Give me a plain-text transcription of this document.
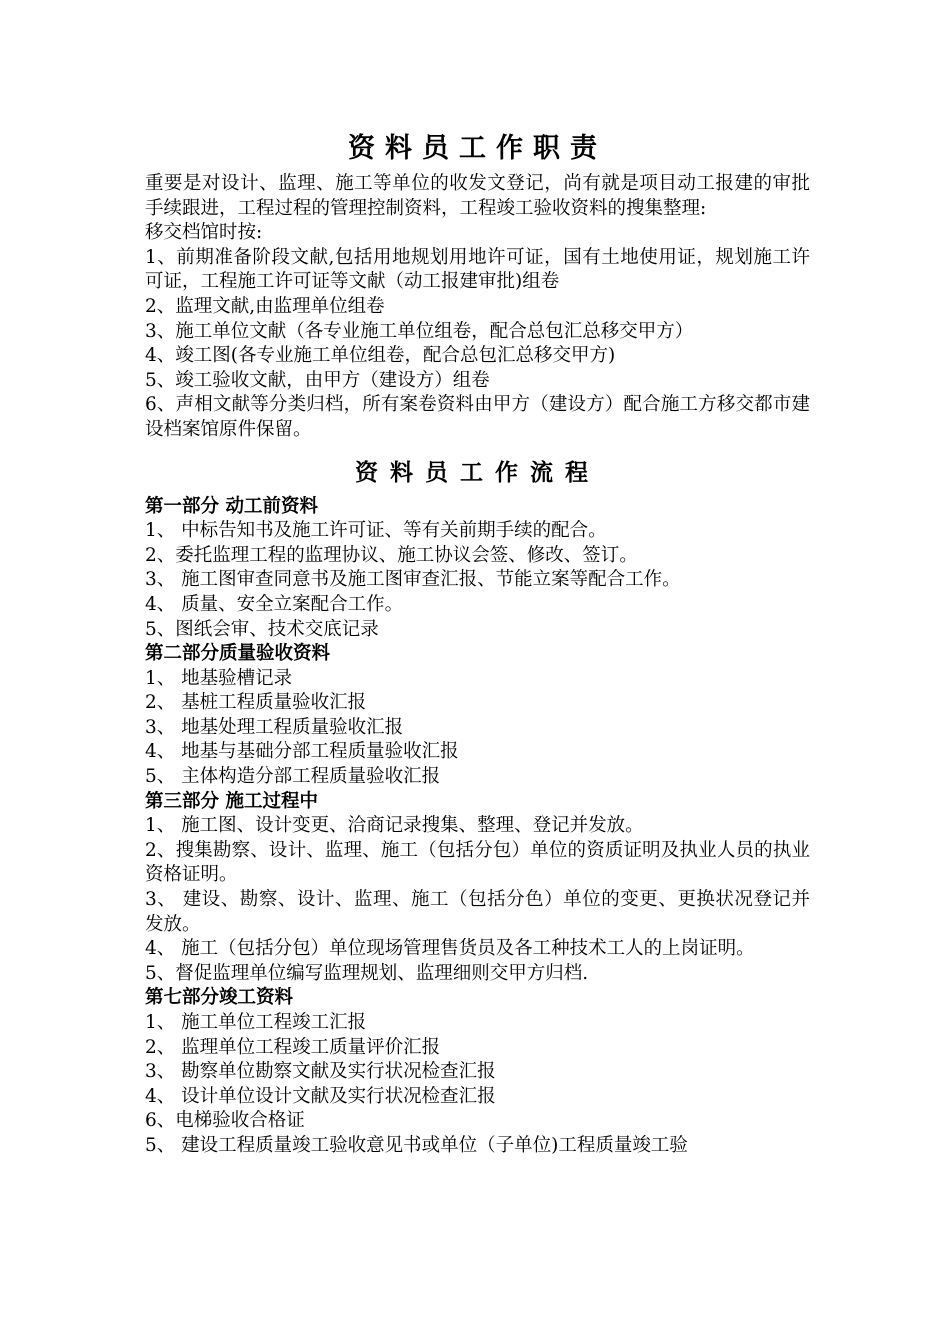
资料员工作职责

重要是对设计、监理、施工等单位的收发文登记，尚有就是项目动工报建的审批手续跟进，工程过程的管理控制资料，工程竣工验收资料的搜集整理:

移交档馆时按:

1、前期准备阶段文献,包括用地规划用地许可证，国有土地使用证，规划施工许可证，工程施工许可证等文献（动工报建审批)组卷

2、监理文献,由监理单位组卷

3、施工单位文献（各专业施工单位组卷，配合总包汇总移交甲方）

4、竣工图(各专业施工单位组卷，配合总包汇总移交甲方)

5、竣工验收文献，由甲方（建设方）组卷

6、声相文献等分类归档，所有案卷资料由甲方（建设方）配合施工方移交都市建设档案馆原件保留。

资料员工作流程

第一部分 动工前资料

1、 中标告知书及施工许可证、等有关前期手续的配合。

2、委托监理工程的监理协议、施工协议会签、修改、签订。

3、 施工图审查同意书及施工图审查汇报、节能立案等配合工作。

4、 质量、安全立案配合工作。

5、图纸会审、技术交底记录

第二部分质量验收资料

1、 地基验槽记录

2、 基桩工程质量验收汇报

3、 地基处理工程质量验收汇报

4、 地基与基础分部工程质量验收汇报

5、 主体构造分部工程质量验收汇报

第三部分 施工过程中

1、 施工图、设计变更、洽商记录搜集、整理、登记并发放。

2、搜集勘察、设计、监理、施工（包括分包）单位的资质证明及执业人员的执业资格证明。

3、 建设、勘察、设计、监理、施工（包括分色）单位的变更、更换状况登记并发放。

4、 施工（包括分包）单位现场管理售货员及各工种技术工人的上岗证明。

5、督促监理单位编写监理规划、监理细则交甲方归档.

第七部分竣工资料

1、 施工单位工程竣工汇报

2、 监理单位工程竣工质量评价汇报

3、 勘察单位勘察文献及实行状况检查汇报

4、 设计单位设计文献及实行状况检查汇报

6、电梯验收合格证

5、 建设工程质量竣工验收意见书或单位（子单位)工程质量竣工验
